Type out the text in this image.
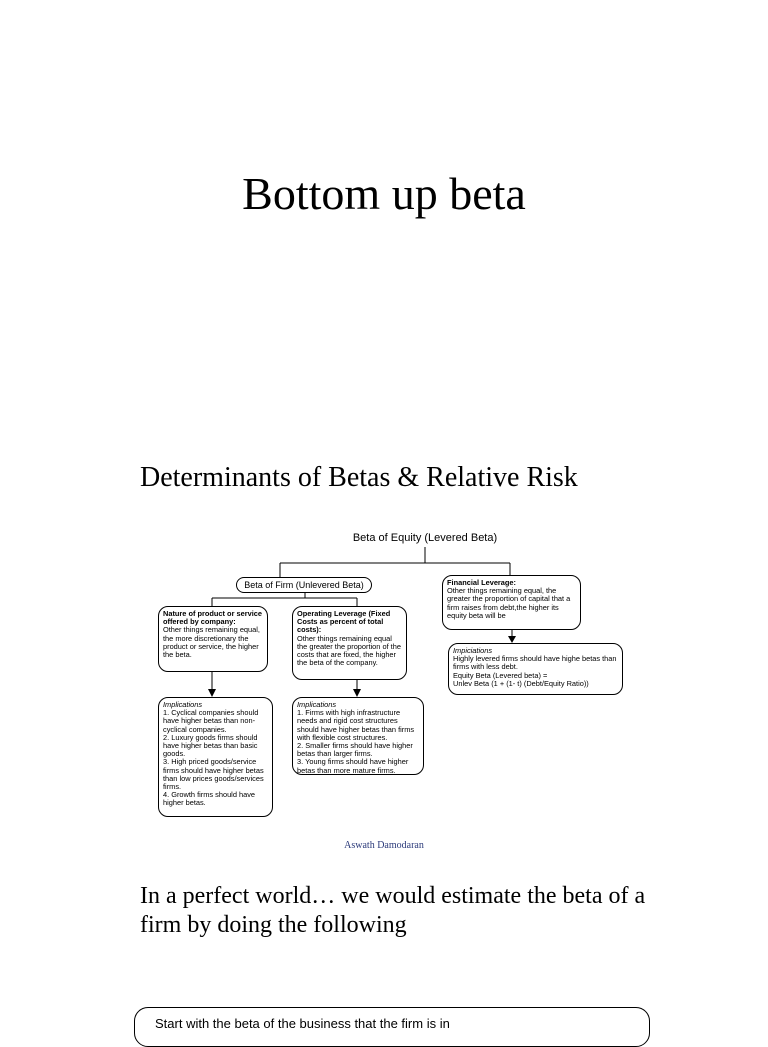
Bottom up beta
Determinants of Betas & Relative Risk
Beta of Equity (Levered Beta)
Beta of Firm (Unlevered Beta)	Financial Leverage:
Other things remaining equal, the greater the proportion of capital that a firm raises from debt,the higher its equity beta will be
Impiciations
Highly levered firms should have highe betas than firms with less debt.
Equity Beta (Levered beta) =
Unlev Beta (1 + (1- t) (Debt/Equity Ratio))
Nature of product or service offered by company:
Other things remaining equal, the more discretionary the product or service, the higher the beta.
Operating Leverage (Fixed Costs as percent of total costs):
Other things remaining equal the greater the proportion of the costs that are fixed, the higher the beta of the company.
Implications
1. Cyclical companies should have higher betas than non-cyclical companies.
2. Luxury goods firms should have higher betas than basic goods.
3. High priced goods/service firms should have higher betas than low prices goods/services firms.
4. Growth firms should have higher betas.
Implications
1. Firms with high infrastructure needs and rigid cost structures should have higher betas than firms with flexible cost structures.
2. Smaller firms should have higher betas than larger firms.
3. Young firms should have higher betas than more mature firms.
Aswath Damodaran
In a perfect world… we would estimate the beta of a firm by doing the following
Start with the beta of the business that the firm is in
